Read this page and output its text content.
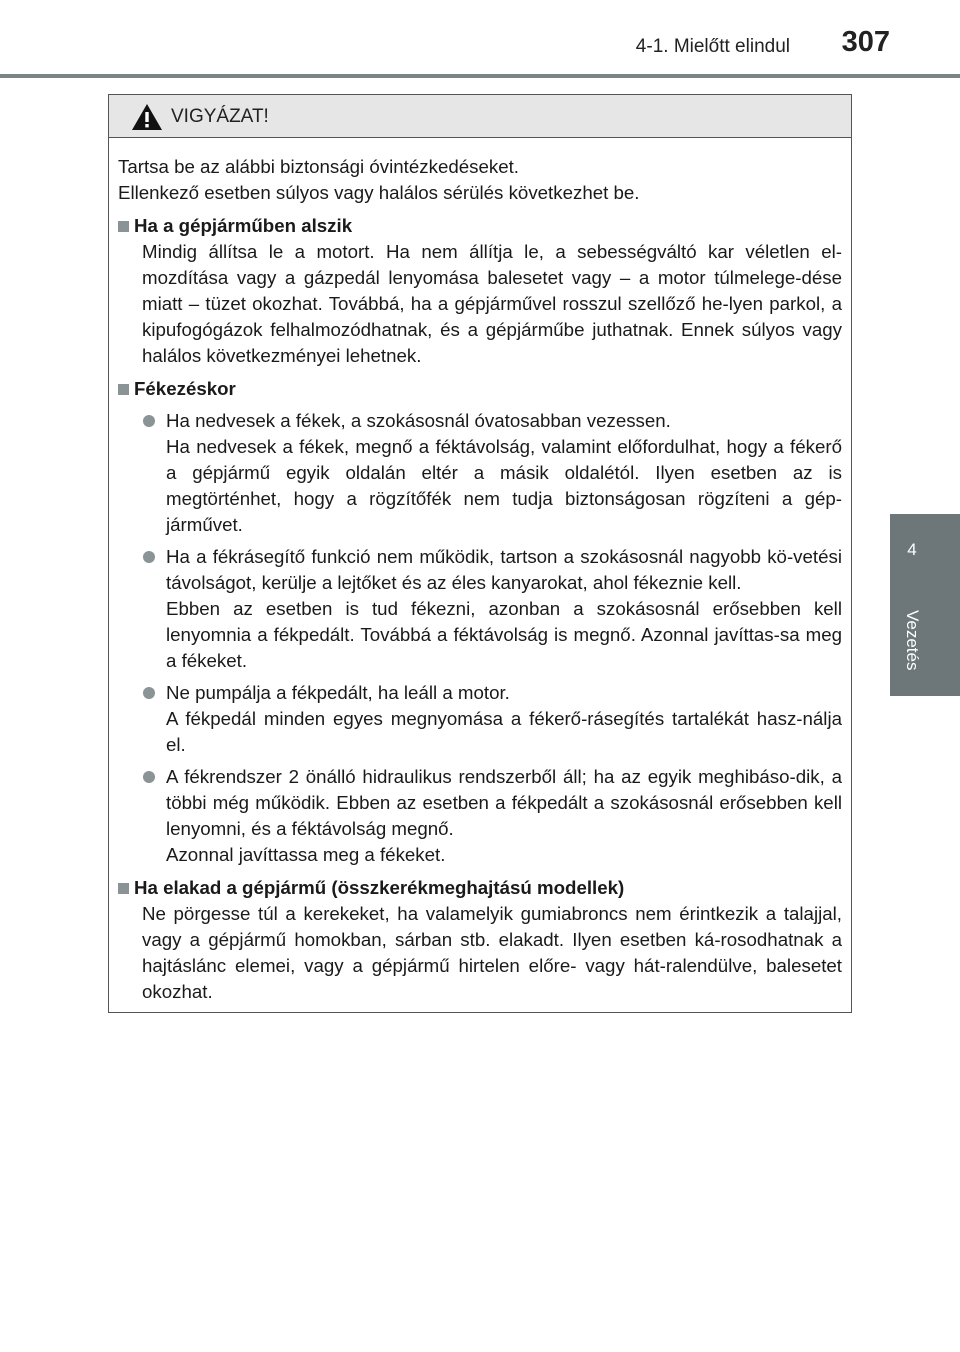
4-1. Mielőtt elindul	307
4
Vezetés
VIGYÁZAT!

Tartsa be az alábbi biztonsági óvintézkedéseket.

Ellenkező esetben súlyos vagy halálos sérülés következhet be.

Ha a gépjárműben alszik

Mindig állítsa le a motort. Ha nem állítja le, a sebességváltó kar véletlen el-mozdítása vagy a gázpedál lenyomása balesetet vagy – a motor túlmelege-dése miatt – tüzet okozhat. Továbbá, ha a gépjárművel rosszul szellőző he-lyen parkol, a kipufogógázok felhalmozódhatnak, és a gépjárműbe juthatnak. Ennek súlyos vagy halálos következményei lehetnek.

Fékezéskor

Ha nedvesek a fékek, a szokásosnál óvatosabban vezessen.

Ha nedvesek a fékek, megnő a féktávolság, valamint előfordulhat, hogy a fékerő a gépjármű egyik oldalán eltér a másik oldalétól. Ilyen esetben az is megtörténhet, hogy a rögzítőfék nem tudja biztonságosan rögzíteni a gép-járművet.

Ha a fékrásegítő funkció nem működik, tartson a szokásosnál nagyobb kö-vetési távolságot, kerülje a lejtőket és az éles kanyarokat, ahol fékeznie kell.

Ebben az esetben is tud fékezni, azonban a szokásosnál erősebben kell lenyomnia a fékpedált. Továbbá a féktávolság is megnő. Azonnal javíttas-sa meg a fékeket.

Ne pumpálja a fékpedált, ha leáll a motor.

A fékpedál minden egyes megnyomása a fékerő-rásegítés tartalékát hasz-nálja el.

A fékrendszer 2 önálló hidraulikus rendszerből áll; ha az egyik meghibáso-dik, a többi még működik. Ebben az esetben a fékpedált a szokásosnál erősebben kell lenyomni, és a féktávolság megnő.

Azonnal javíttassa meg a fékeket.

Ha elakad a gépjármű (összkerékmeghajtású modellek)

Ne pörgesse túl a kerekeket, ha valamelyik gumiabroncs nem érintkezik a talajjal, vagy a gépjármű homokban, sárban stb. elakadt. Ilyen esetben ká-rosodhatnak a hajtáslánc elemei, vagy a gépjármű hirtelen előre- vagy hát-ralendülve, balesetet okozhat.
